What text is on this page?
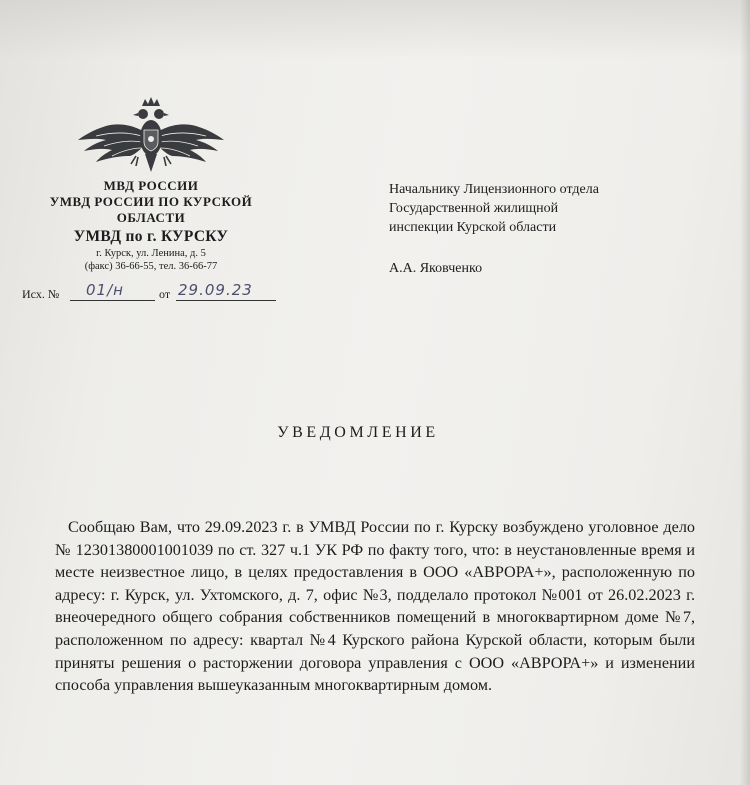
МВД РОССИИ
УМВД РОССИИ ПО КУРСКОЙ
ОБЛАСТИ
УМВД по г. КУРСКУ
г. Курск, ул. Ленина, д. 5
(факс) 36-66-55, тел. 36-66-77
Исх. № 01/н	от 29.09.23
Начальнику Лицензионного отдела
Государственной жилищной
инспекции Курской области
А.А. Яковченко
УВЕДОМЛЕНИЕ
Сообщаю Вам, что 29.09.2023 г. в УМВД России по г. Курску возбуждено уголовное дело № 12301380001001039 по ст. 327 ч.1 УК РФ по факту того, что: в неустановленные время и месте неизвестное лицо, в целях предоставления в ООО «АВРОРА+», расположенную по адресу: г. Курск, ул. Ухтомского, д. 7, офис №3, подделало протокол №001 от 26.02.2023 г. внеочередного общего собрания собственников помещений в многоквартирном доме №7, расположенном по адресу: квартал №4 Курского района Курской области, которым были приняты решения о расторжении договора управления с ООО «АВРОРА+» и изменении способа управления вышеуказанным многоквартирным домом.
